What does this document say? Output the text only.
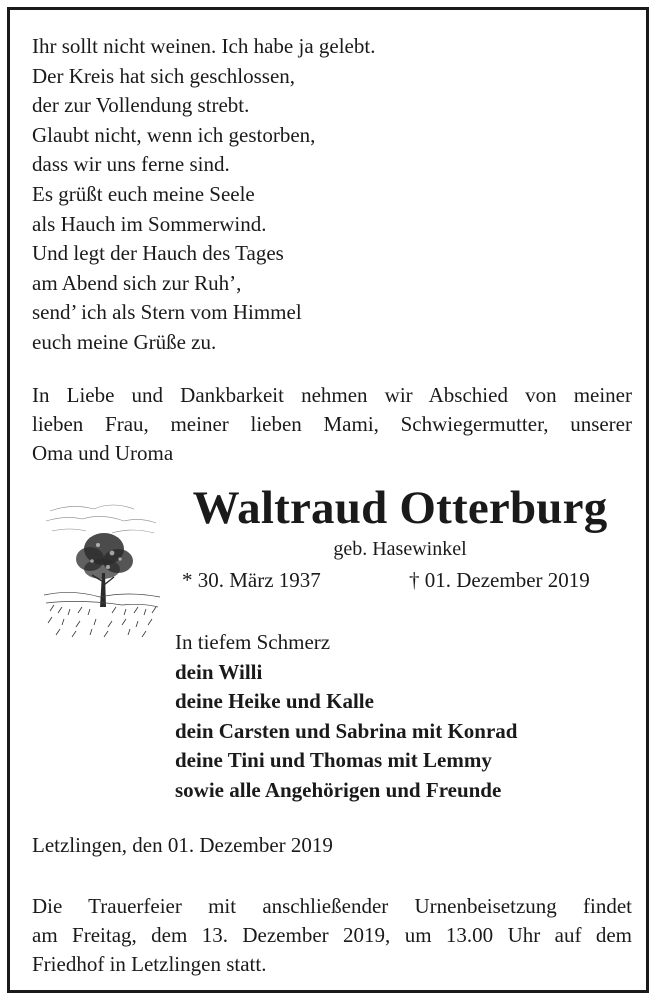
Ihr sollt nicht weinen. Ich habe ja gelebt.
Der Kreis hat sich geschlossen,
der zur Vollendung strebt.
Glaubt nicht, wenn ich gestorben,
dass wir uns ferne sind.
Es grüßt euch meine Seele
als Hauch im Sommerwind.
Und legt der Hauch des Tages
am Abend sich zur Ruh’,
send’ ich als Stern vom Himmel
euch meine Grüße zu.
In Liebe und Dankbarkeit nehmen wir Abschied von meiner
lieben Frau, meiner lieben Mami, Schwiegermutter, unserer
Oma und Uroma
Waltraud Otterburg
geb. Hasewinkel
* 30. März 1937	† 01. Dezember 2019
In tiefem Schmerz
dein Willi
deine Heike und Kalle
dein Carsten und Sabrina mit Konrad
deine Tini und Thomas mit Lemmy
sowie alle Angehörigen und Freunde
Letzlingen, den 01. Dezember 2019
Die Trauerfeier mit anschließender Urnenbeisetzung findet
am Freitag, dem 13. Dezember 2019, um 13.00 Uhr auf dem
Friedhof in Letzlingen statt.
